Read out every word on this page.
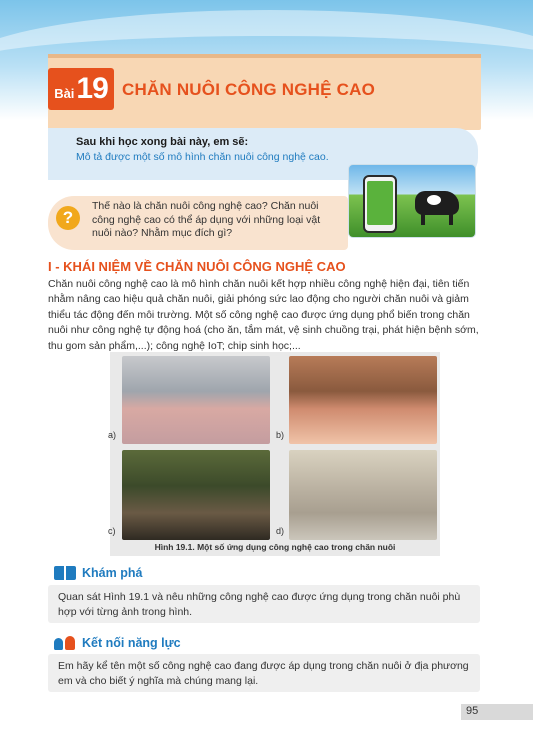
Bài 19 CHĂN NUÔI CÔNG NGHỆ CAO
Sau khi học xong bài này, em sẽ:
Mô tả được một số mô hình chăn nuôi công nghệ cao.
Thế nào là chăn nuôi công nghệ cao? Chăn nuôi công nghệ cao có thể áp dụng với những loại vật nuôi nào? Nhằm mục đích gì?
?
I - KHÁI NIỆM VỀ CHĂN NUÔI CÔNG NGHỆ CAO
Chăn nuôi công nghệ cao là mô hình chăn nuôi kết hợp nhiều công nghệ hiện đại, tiên tiến nhằm nâng cao hiệu quả chăn nuôi, giải phóng sức lao động cho người chăn nuôi và giảm thiểu tác động đến môi trường. Một số công nghệ cao được ứng dụng phổ biến trong chăn nuôi như công nghệ tự động hoá (cho ăn, tắm mát, vệ sinh chuồng trại, phát hiện bệnh sớm, thu gom sản phẩm,...); công nghệ IoT; chip sinh học;...
a)	b)
c)	d)
Hình 19.1. Một số ứng dụng công nghệ cao trong chăn nuôi
Khám phá
Quan sát Hình 19.1 và nêu những công nghệ cao được ứng dụng trong chăn nuôi phù hợp với từng ảnh trong hình.
Kết nối năng lực
Em hãy kể tên một số công nghệ cao đang được áp dụng trong chăn nuôi ở địa phương em và cho biết ý nghĩa mà chúng mang lại.
95
